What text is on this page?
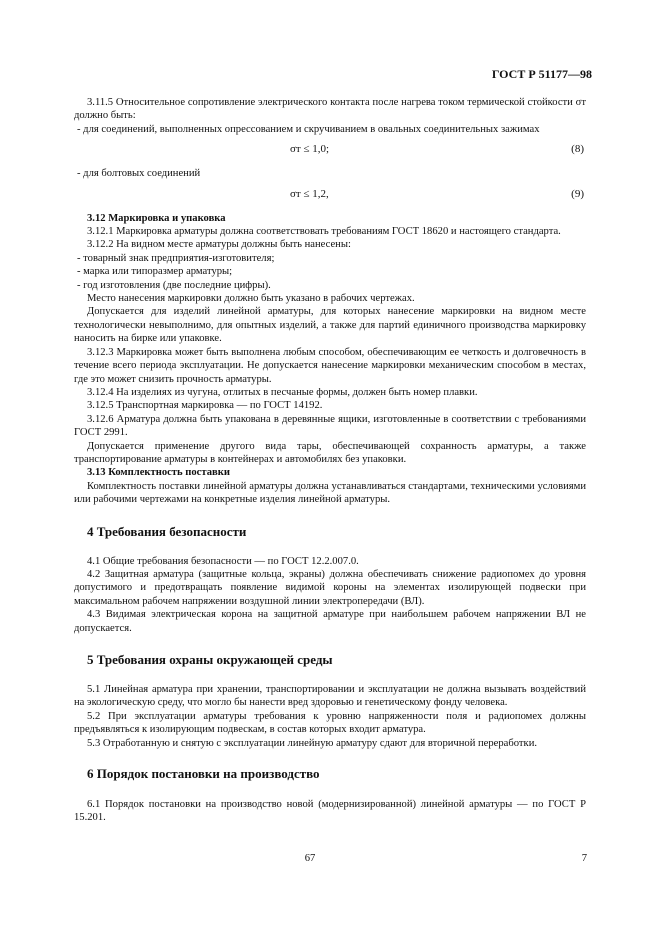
ГОСТ Р 51177—98

3.11.5 Относительное сопротивление электрического контакта после нагрева током термической стойкости σт должно быть:

- для соединений, выполненных опрессованием и скручиванием в овальных соединительных зажимах

σт ≤ 1,0;	(8)

- для болтовых соединений

σт ≤ 1,2,	(9)

3.12 Маркировка и упаковка

3.12.1 Маркировка арматуры должна соответствовать требованиям ГОСТ 18620 и настоящего стандарта.

3.12.2 На видном месте арматуры должны быть нанесены:

- товарный знак предприятия-изготовителя;

- марка или типоразмер арматуры;

- год изготовления (две последние цифры).

Место нанесения маркировки должно быть указано в рабочих чертежах.

Допускается для изделий линейной арматуры, для которых нанесение маркировки на видном месте технологически невыполнимо, для опытных изделий, а также для партий единичного производства маркировку наносить на бирке или упаковке.

3.12.3 Маркировка может быть выполнена любым способом, обеспечивающим ее четкость и долговечность в течение всего периода эксплуатации. Не допускается нанесение маркировки механическим способом в местах, где это может снизить прочность арматуры.

3.12.4 На изделиях из чугуна, отлитых в песчаные формы, должен быть номер плавки.

3.12.5 Транспортная маркировка — по ГОСТ 14192.

3.12.6 Арматура должна быть упакована в деревянные ящики, изготовленные в соответствии с требованиями ГОСТ 2991.

Допускается применение другого вида тары, обеспечивающей сохранность арматуры, а также транспортирование арматуры в контейнерах и автомобилях без упаковки.

3.13 Комплектность поставки

Комплектность поставки линейной арматуры должна устанавливаться стандартами, техническими условиями или рабочими чертежами на конкретные изделия линейной арматуры.

4 Требования безопасности

4.1 Общие требования безопасности — по ГОСТ 12.2.007.0.

4.2 Защитная арматура (защитные кольца, экраны) должна обеспечивать снижение радиопомех до уровня допустимого и предотвращать появление видимой короны на элементах изолирующей подвески при максимальном рабочем напряжении воздушной линии электропередачи (ВЛ).

4.3 Видимая электрическая корона на защитной арматуре при наибольшем рабочем напряжении ВЛ не допускается.

5 Требования охраны окружающей среды

5.1 Линейная арматура при хранении, транспортировании и эксплуатации не должна вызывать воздействий на экологическую среду, что могло бы нанести вред здоровью и генетическому фонду человека.

5.2 При эксплуатации арматуры требования к уровню напряженности поля и радиопомех должны предъявляться к изолирующим подвескам, в состав которых входит арматура.

5.3 Отработанную и снятую с эксплуатации линейную арматуру сдают для вторичной переработки.

6 Порядок постановки на производство

6.1 Порядок постановки на производство новой (модернизированной) линейной арматуры — по ГОСТ Р 15.201.

67	7
